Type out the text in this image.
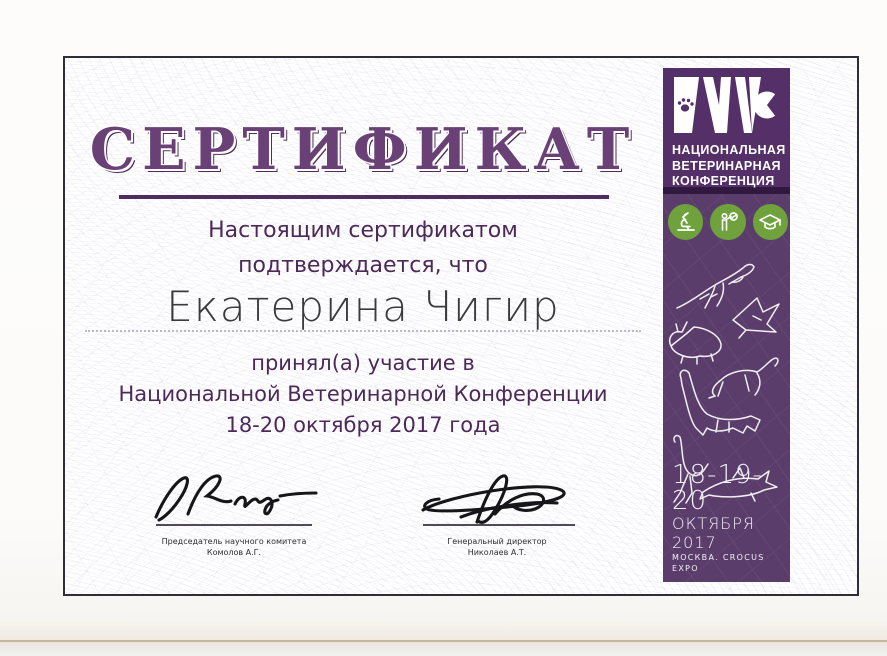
СЕРТИФИКАТ
Настоящим сертификатом
подтверждается, что
Екатерина Чигир
принял(а) участие в
Национальной Ветеринарной Конференции
18-20 октября 2017 года
Председатель научного комитета
Комолов А.Г.
Генеральный директор
Николаев А.Т.
НАЦИОНАЛЬНАЯ
ВЕТЕРИНАРНАЯ
КОНФЕРЕНЦИЯ
18-19-20
ОКТЯБРЯ 2017
МОСКВА. CROCUS EXPO
